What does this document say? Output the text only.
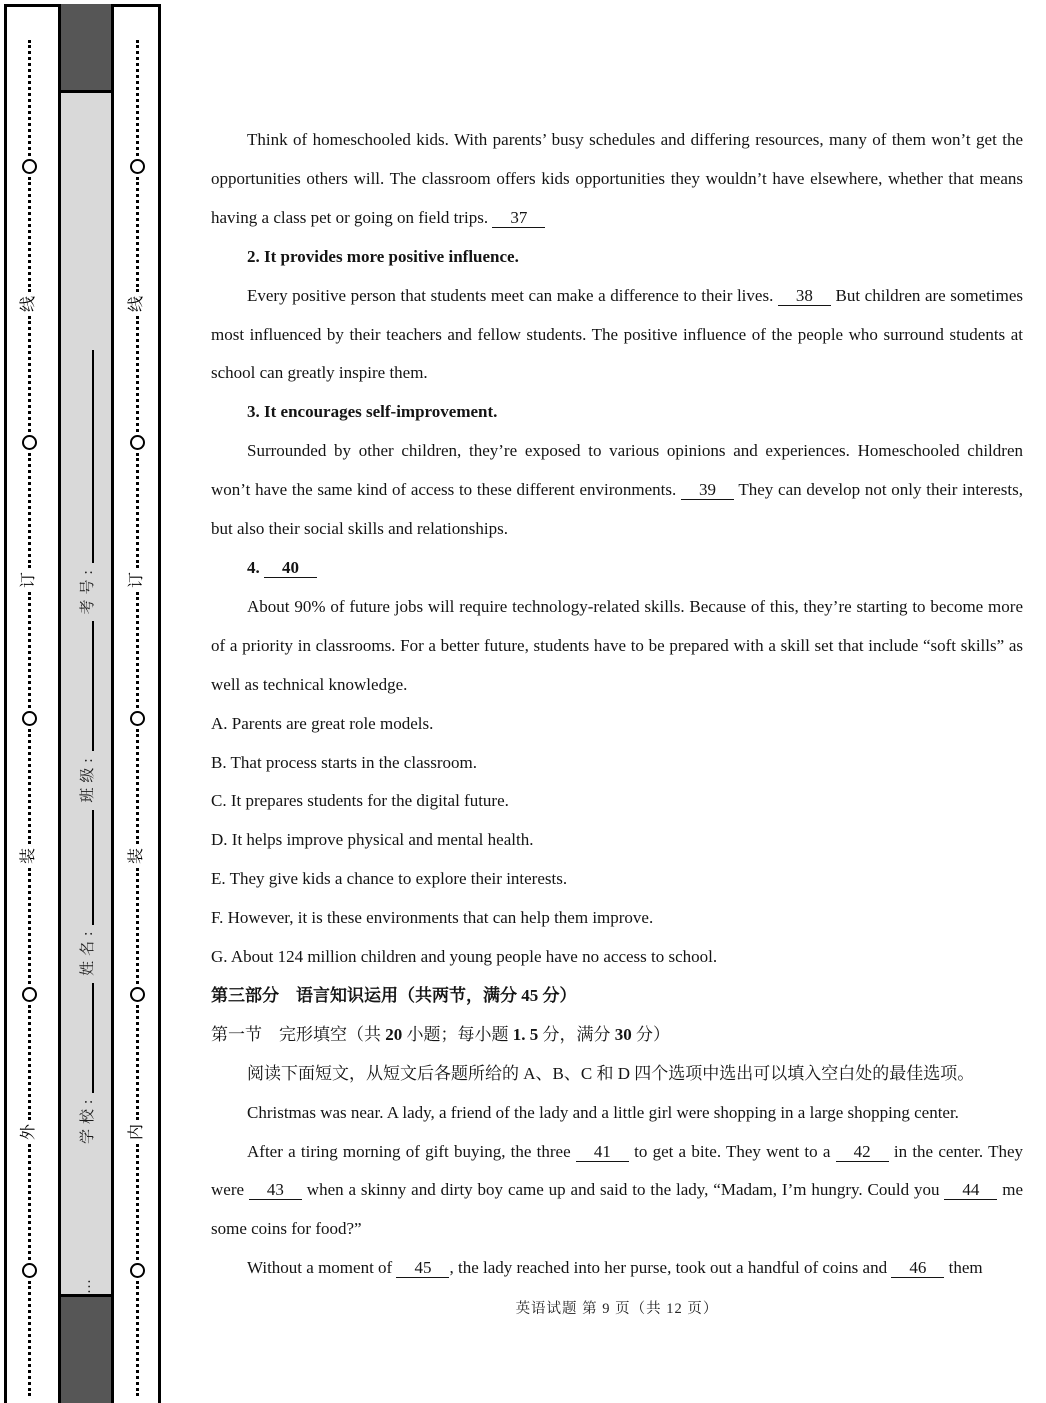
线
订
装
外
…
学校:
姓名:
班级:
考号:
线
订
装
内

Think of homeschooled kids. With parents’ busy schedules and differing resources, many of them won’t get the opportunities others will. The classroom offers kids opportunities they wouldn’t have elsewhere, whether that means having a class pet or going on field trips. 37

2. It provides more positive influence.

Every positive person that students meet can make a difference to their lives. 38 But children are sometimes most influenced by their teachers and fellow students. The positive influence of the people who surround students at school can greatly inspire them.

3. It encourages self-improvement.

Surrounded by other children, they’re exposed to various opinions and experiences. Homeschooled children won’t have the same kind of access to these different environments. 39 They can develop not only their interests, but also their social skills and relationships.

4. 40

About 90% of future jobs will require technology-related skills. Because of this, they’re starting to become more of a priority in classrooms. For a better future, students have to be prepared with a skill set that include “soft skills” as well as technical knowledge.

A. Parents are great role models.

B. That process starts in the classroom.

C. It prepares students for the digital future.

D. It helps improve physical and mental health.

E. They give kids a chance to explore their interests.

F. However, it is these environments that can help them improve.

G. About 124 million children and young people have no access to school.

第三部分　语言知识运用（共两节，满分 45 分）

第一节　完形填空（共 20 小题；每小题 1. 5 分，满分 30 分）

阅读下面短文，从短文后各题所给的 A、B、C 和 D 四个选项中选出可以填入空白处的最佳选项。

Christmas was near. A lady, a friend of the lady and a little girl were shopping in a large shopping center.

After a tiring morning of gift buying, the three 41 to get a bite. They went to a 42 in the center. They were 43 when a skinny and dirty boy came up and said to the lady, “Madam, I’m hungry. Could you 44 me some coins for food?”

Without a moment of 45 , the lady reached into her purse, took out a handful of coins and 46 them

英语试题 第 9 页（共 12 页）
